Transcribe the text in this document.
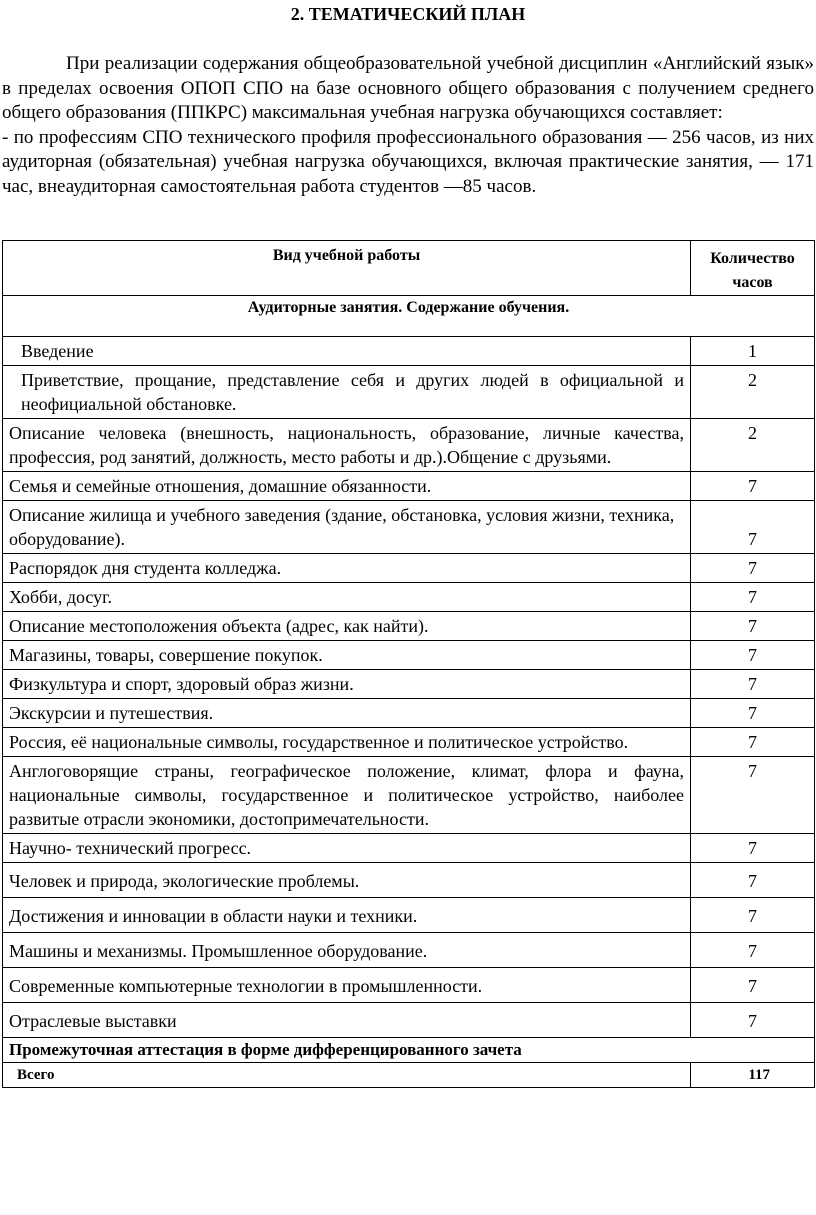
2. ТЕМАТИЧЕСКИЙ ПЛАН

При реализации содержания общеобразовательной учебной дисциплин «Английский язык» в пределах освоения ОПОП СПО на базе основного общего образования с получением среднего общего образования (ППКРС) максимальная учебная нагрузка обучающихся составляет:

- по профессиям СПО технического профиля профессионального образования — 256 часов, из них аудиторная (обязательная) учебная нагрузка обучающихся, включая практические занятия, — 171 час, внеаудиторная самостоятельная работа студентов —85 часов.

Вид учебной работы	Количество часов
Аудиторные занятия. Содержание обучения.	
Введение	1
Приветствие, прощание, представление себя и других людей в официальной и неофициальной обстановке.	2
Описание человека (внешность, национальность, образование, личные качества, профессия, род занятий, должность, место работы и др.).Общение с друзьями.	2
Семья и семейные отношения, домашние обязанности.	7
Описание жилища и учебного заведения (здание, обстановка, условия жизни, техника, оборудование).	7
Распорядок дня студента колледжа.	7
Хобби, досуг.	7
Описание местоположения объекта (адрес, как найти).	7
Магазины, товары, совершение покупок.	7
Физкультура и спорт, здоровый образ жизни.	7
Экскурсии и путешествия.	7
Россия, её национальные символы, государственное и политическое устройство.	7
Англоговорящие страны, географическое положение, климат, флора и фауна, национальные символы, государственное и политическое устройство, наиболее развитые отрасли экономики, достопримечательности.	7
Научно- технический прогресс.	7
Человек и природа, экологические проблемы.	7
Достижения и инновации в области науки и техники.	7
Машины и механизмы. Промышленное оборудование.	7
Современные компьютерные технологии в промышленности.	7
Отраслевые выставки	7
Промежуточная аттестация в форме дифференцированного зачета	
Всего	117
